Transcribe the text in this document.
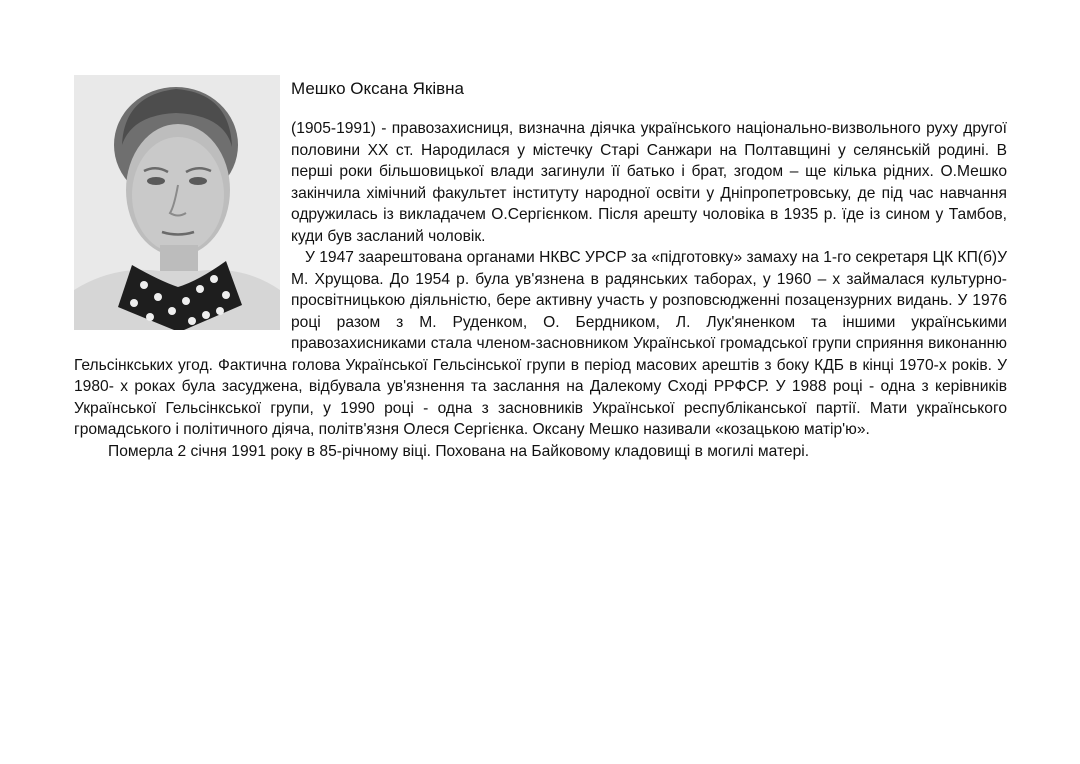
Мешко Оксана Яківна

(1905-1991) - правозахисниця, визначна діячка українського національно-визвольного руху другої половини ХХ ст. Народилася у містечку Старі Санжари на Полтавщині у селянській родині. В перші роки більшовицької влади загинули її батько і брат, згодом – ще кілька рідних. О.Мешко закінчила хімічний факультет інституту народної освіти у Дніпропетровську, де під час навчання одружилась із викладачем О.Сергієнком. Після арешту чоловіка в 1935 р. їде із сином у Тамбов, куди був засланий чоловік.

У 1947 заарештована органами НКВС УРСР за «підготовку» замаху на 1-го секретаря ЦК КП(б)У М. Хрущова. До 1954 р. була ув'язнена в радянських таборах, у 1960 – х займалася культурно-просвітницькою діяльністю, бере активну участь у розповсюдженні позацензурних видань. У 1976 році разом з М. Руденком, О. Бердником, Л. Лук'яненком та іншими українськими правозахисниками стала членом-засновником Української громадської групи сприяння виконанню Гельсінкських угод. Фактична голова Української Гельсінської групи в період масових арештів з боку КДБ в кінці 1970-х років. У 1980- х роках була засуджена, відбувала ув'язнення та заслання на Далекому Сході РРФСР. У 1988 році - одна з керівників Української Гельсінкської групи, у 1990 році - одна з засновників Української республіканської партії. Мати українського громадського і політичного діяча, політв'язня Олеся Сергієнка. Оксану Мешко називали «козацькою матір'ю».

Померла 2 січня 1991 року в 85-річному віці. Похована на Байковому кладовищі в могилі матері.
